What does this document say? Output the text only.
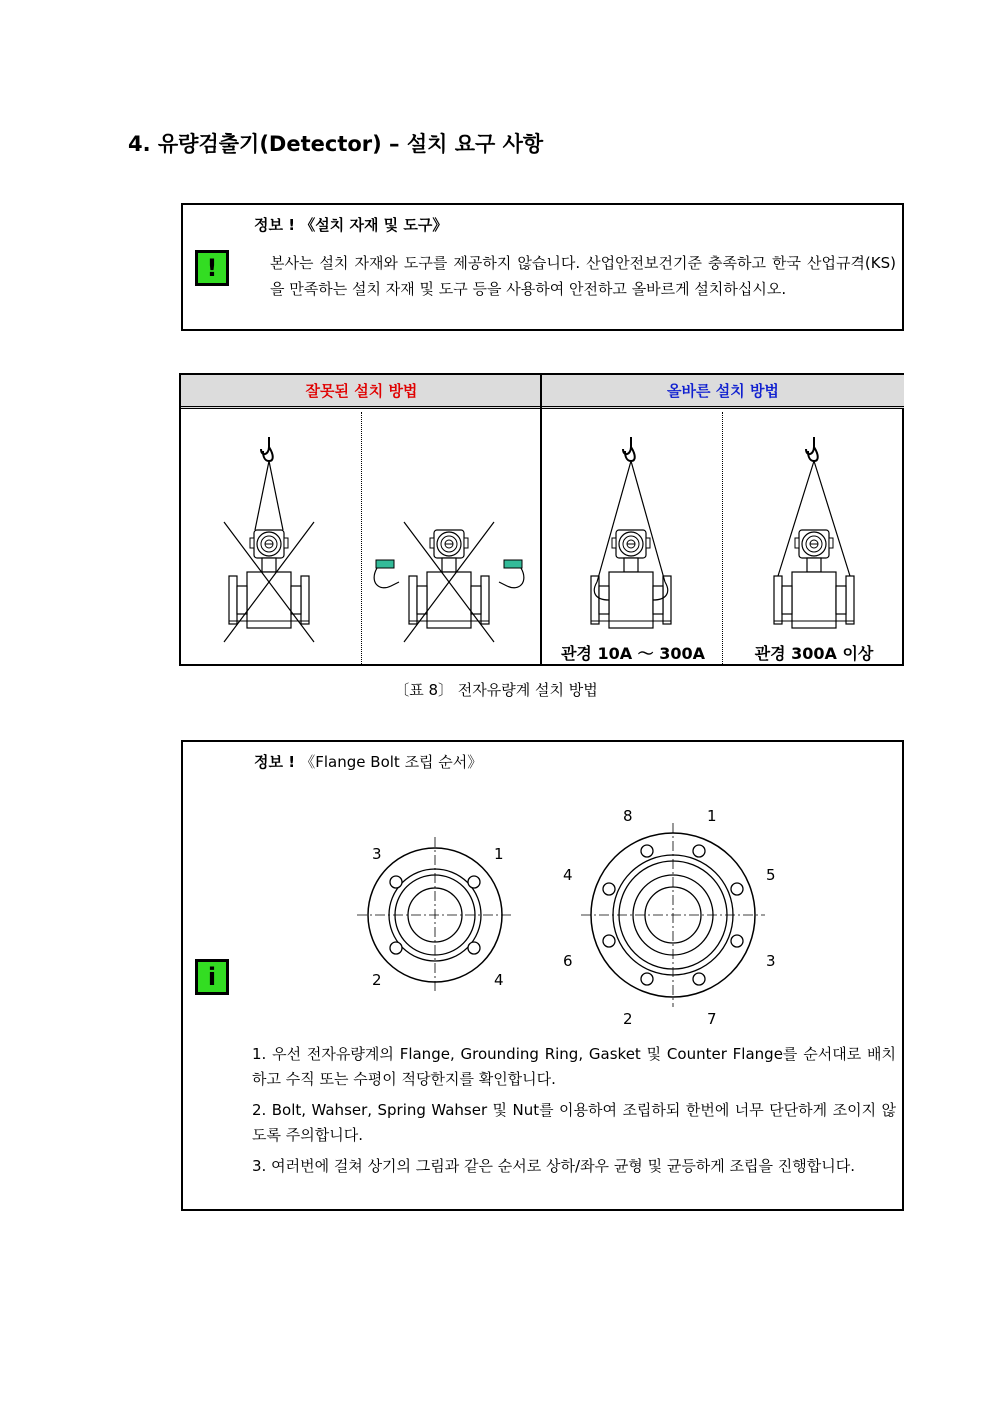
4. 유량검출기(Detector) – 설치 요구 사항
정보 ! 《설치 자재 및 도구》
!	본사는 설치 자재와 도구를 제공하지 않습니다. 산업안전보건기준 충족하고 한국 산업규격(KS)을 만족하는 설치 자재 및 도구 등을 사용하여 안전하고 올바르게 설치하십시오.

잘못된 설치 방법	올바른 설치 방법
관경 10A ～ 300A	관경 300A 이상
〔표 8〕 전자유량계 설치 방법
정보 ! 《Flange Bolt 조립 순서》
i
3	1
2	4
8	1
4	5
6	3
2	7
1. 우선 전자유량계의 Flange, Grounding Ring, Gasket 및 Counter Flange를 순서대로 배치하고 수직 또는 수평이 적당한지를 확인합니다.
2. Bolt, Wahser, Spring Wahser 및 Nut를 이용하여 조립하되 한번에 너무 단단하게 조이지 않도록 주의합니다.
3. 여러번에 걸쳐 상기의 그림과 같은 순서로 상하/좌우 균형 및 균등하게 조립을 진행합니다.
